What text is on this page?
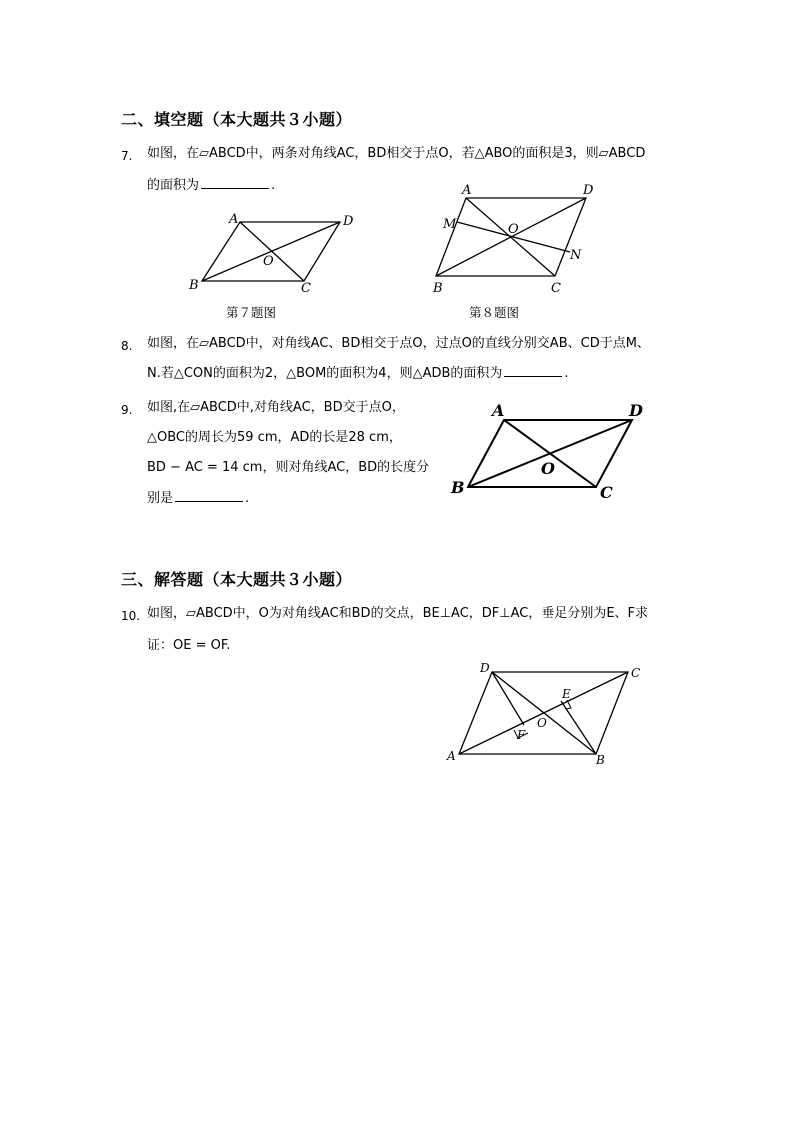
二、填空题（本大题共３小题）
7. 如图，在▱ABCD中，两条对角线AC，BD相交于点O，若△ABO的面积是3，则▱ABCD
的面积为	.
A	D
B	C
O
第７题图
A	D
M	O
N
B	C
第８题图
8. 如图，在▱ABCD中，对角线AC、BD相交于点O，过点O的直线分别交AB、CD于点M、
N.若△CON的面积为2，△BOM的面积为4，则△ADB的面积为	.
9. 如图,在▱ABCD中,对角线AC，BD交于点O，
△OBC的周长为59 cm，AD的长是28 cm，
BD − AC = 14 cm，则对角线AC，BD的长度分
别是	.
A	D
B	C
O
三、解答题（本大题共３小题）
10. 如图，▱ABCD中，O为对角线AC和BD的交点，BE⊥AC，DF⊥AC，垂足分别为E、F求
证：OE = OF.
D	C
E
F
O
A	B
